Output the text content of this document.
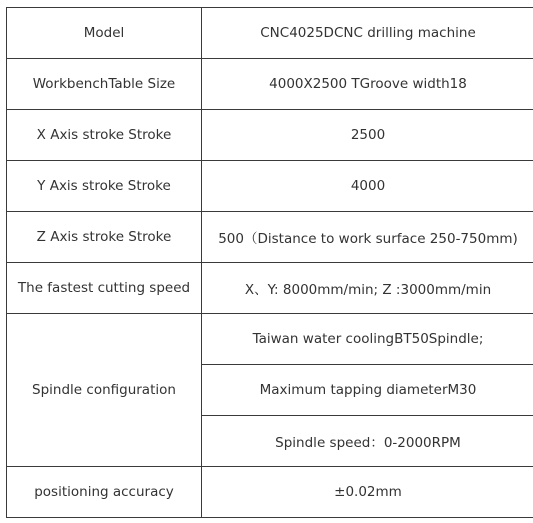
Model	CNC4025DCNC drilling machine
WorkbenchTable Size	4000X2500 TGroove width18
X Axis stroke Stroke	2500
Y Axis stroke Stroke	4000
Z Axis stroke Stroke	500（Distance to work surface 250-750mm)
The fastest cutting speed	X、Y: 8000mm/min; Z :3000mm/min
Spindle configuration	Taiwan water coolingBT50Spindle;
	Maximum tapping diameterM30
	Spindle speed：0-2000RPM
positioning accuracy	±0.02mm
